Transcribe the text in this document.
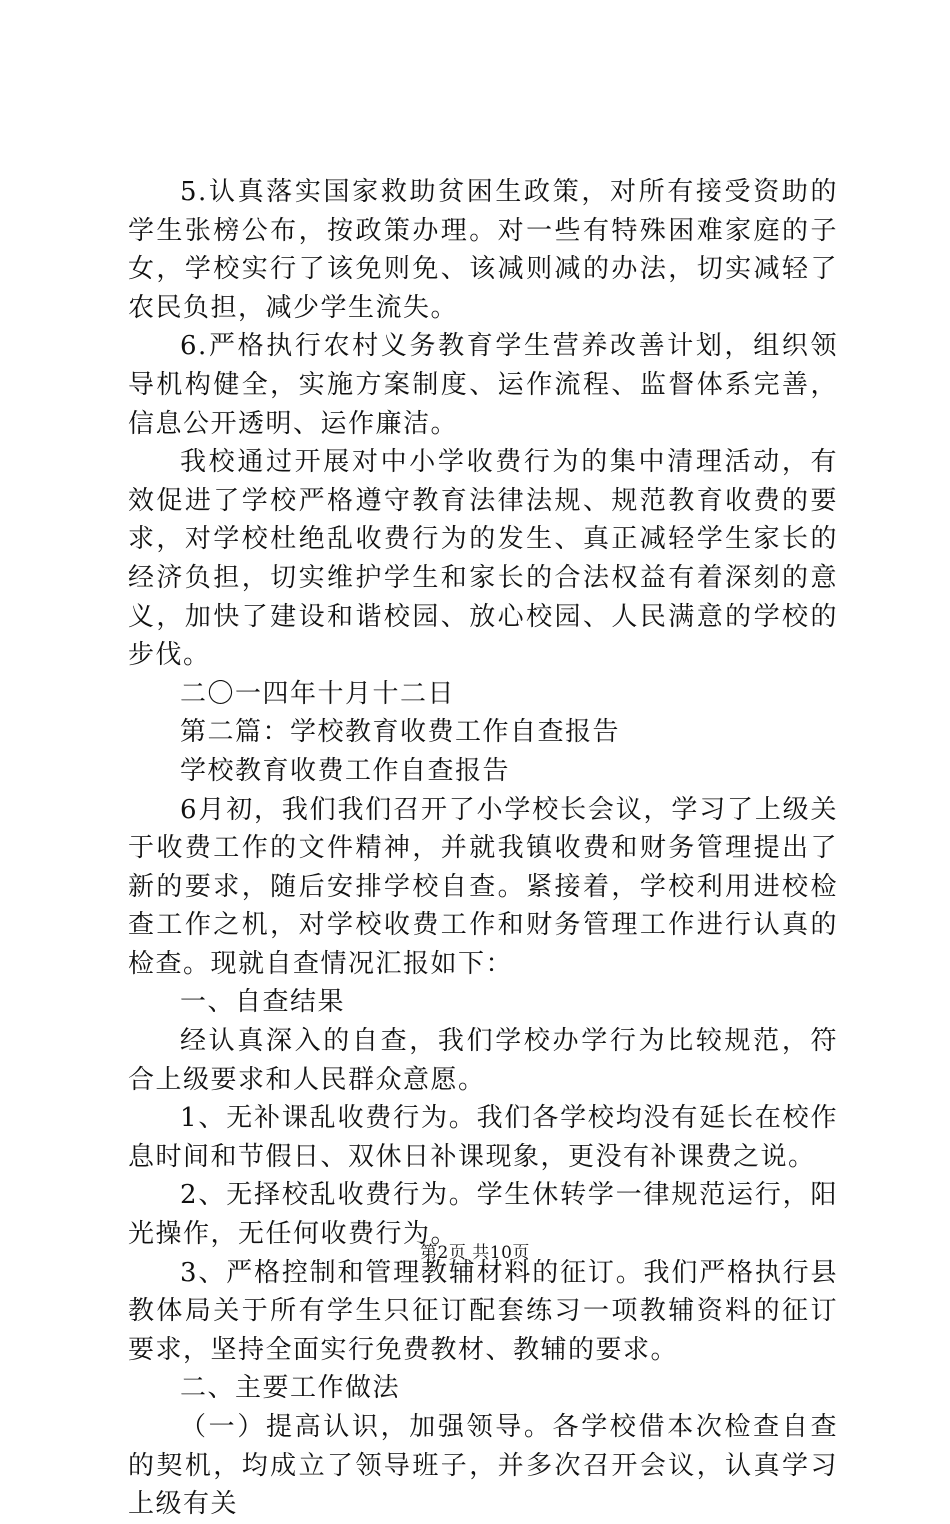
5.认真落实国家救助贫困生政策，对所有接受资助的学生张榜公布，按政策办理。对一些有特殊困难家庭的子女，学校实行了该免则免、该减则减的办法，切实减轻了农民负担，减少学生流失。

6.严格执行农村义务教育学生营养改善计划，组织领导机构健全，实施方案制度、运作流程、监督体系完善，信息公开透明、运作廉洁。

我校通过开展对中小学收费行为的集中清理活动，有效促进了学校严格遵守教育法律法规、规范教育收费的要求，对学校杜绝乱收费行为的发生、真正减轻学生家长的经济负担，切实维护学生和家长的合法权益有着深刻的意义，加快了建设和谐校园、放心校园、人民满意的学校的步伐。

二〇一四年十月十二日

第二篇：学校教育收费工作自查报告

学校教育收费工作自查报告

6月初，我们我们召开了小学校长会议，学习了上级关于收费工作的文件精神，并就我镇收费和财务管理提出了新的要求，随后安排学校自查。紧接着，学校利用进校检查工作之机，对学校收费工作和财务管理工作进行认真的检查。现就自查情况汇报如下：

一、自查结果

经认真深入的自查，我们学校办学行为比较规范，符合上级要求和人民群众意愿。

1、无补课乱收费行为。我们各学校均没有延长在校作息时间和节假日、双休日补课现象，更没有补课费之说。

2、无择校乱收费行为。学生休转学一律规范运行，阳光操作，无任何收费行为。

3、严格控制和管理教辅材料的征订。我们严格执行县教体局关于所有学生只征订配套练习一项教辅资料的征订要求，坚持全面实行免费教材、教辅的要求。

二、主要工作做法

（一）提高认识，加强领导。各学校借本次检查自查的契机，均成立了领导班子，并多次召开会议，认真学习上级有关

第2页 共10页
